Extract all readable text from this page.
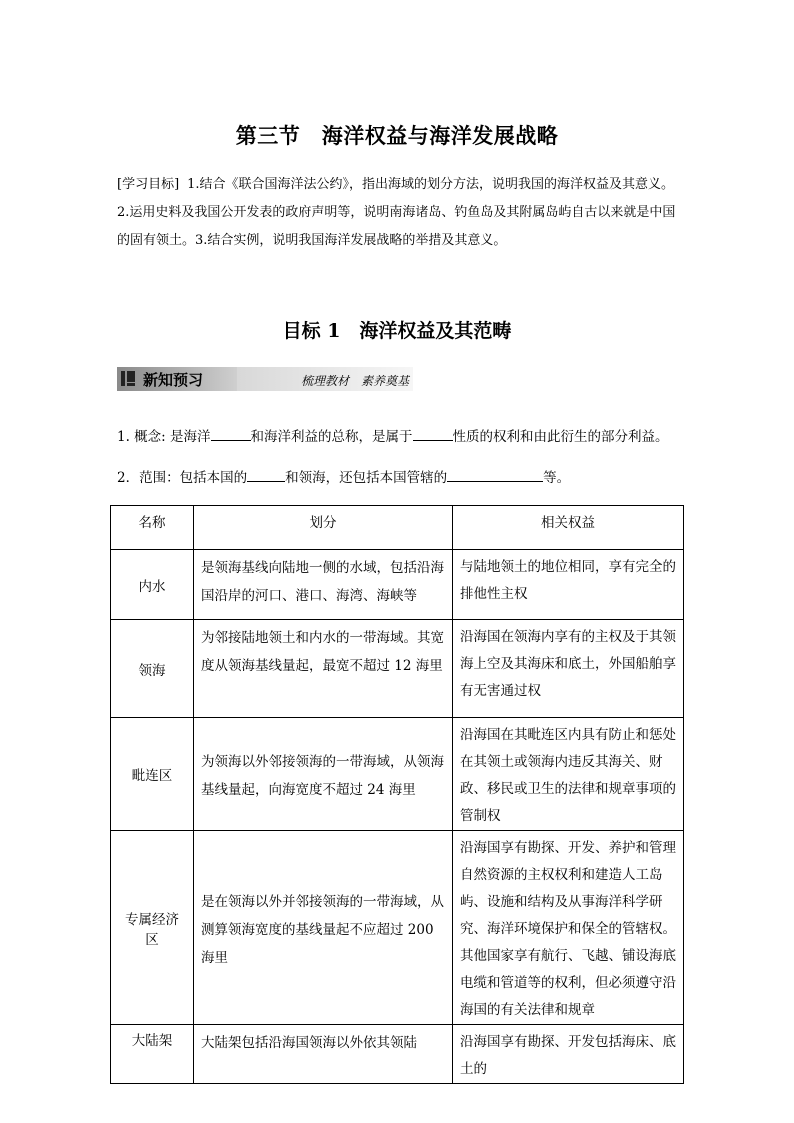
第三节　海洋权益与海洋发展战略
[学习目标] 1.结合《联合国海洋法公约》，指出海域的划分方法，说明我国的海洋权益及其意义。2.运用史料及我国公开发表的政府声明等，说明南海诸岛、钓鱼岛及其附属岛屿自古以来就是中国的固有领土。3.结合实例，说明我国海洋发展战略的举措及其意义。
目标 1　海洋权益及其范畴
新知预习	梳理教材　素养奠基
1. 概念: 是海洋	和海洋利益的总称，是属于	性质的权利和由此衍生的部分利益。
2．范围：包括本国的	和领海，还包括本国管辖的	等。
名称	划分	相关权益
内水	是领海基线向陆地一侧的水域，包括沿海国沿岸的河口、港口、海湾、海峡等	与陆地领土的地位相同，享有完全的排他性主权
领海	为邻接陆地领土和内水的一带海域。其宽度从领海基线量起，最宽不超过 12 海里	沿海国在领海内享有的主权及于其领海上空及其海床和底土，外国船舶享有无害通过权
毗连区	为领海以外邻接领海的一带海域，从领海基线量起，向海宽度不超过 24 海里	沿海国在其毗连区内具有防止和惩处在其领土或领海内违反其海关、财政、移民或卫生的法律和规章事项的管制权
专属经济区	是在领海以外并邻接领海的一带海域，从测算领海宽度的基线量起不应超过 200 海里	沿海国享有勘探、开发、养护和管理自然资源的主权权利和建造人工岛屿、设施和结构及从事海洋科学研究、海洋环境保护和保全的管辖权。其他国家享有航行、飞越、铺设海底电缆和管道等的权利，但必须遵守沿海国的有关法律和规章
大陆架	大陆架包括沿海国领海以外依其领陆	沿海国享有勘探、开发包括海床、底土的
